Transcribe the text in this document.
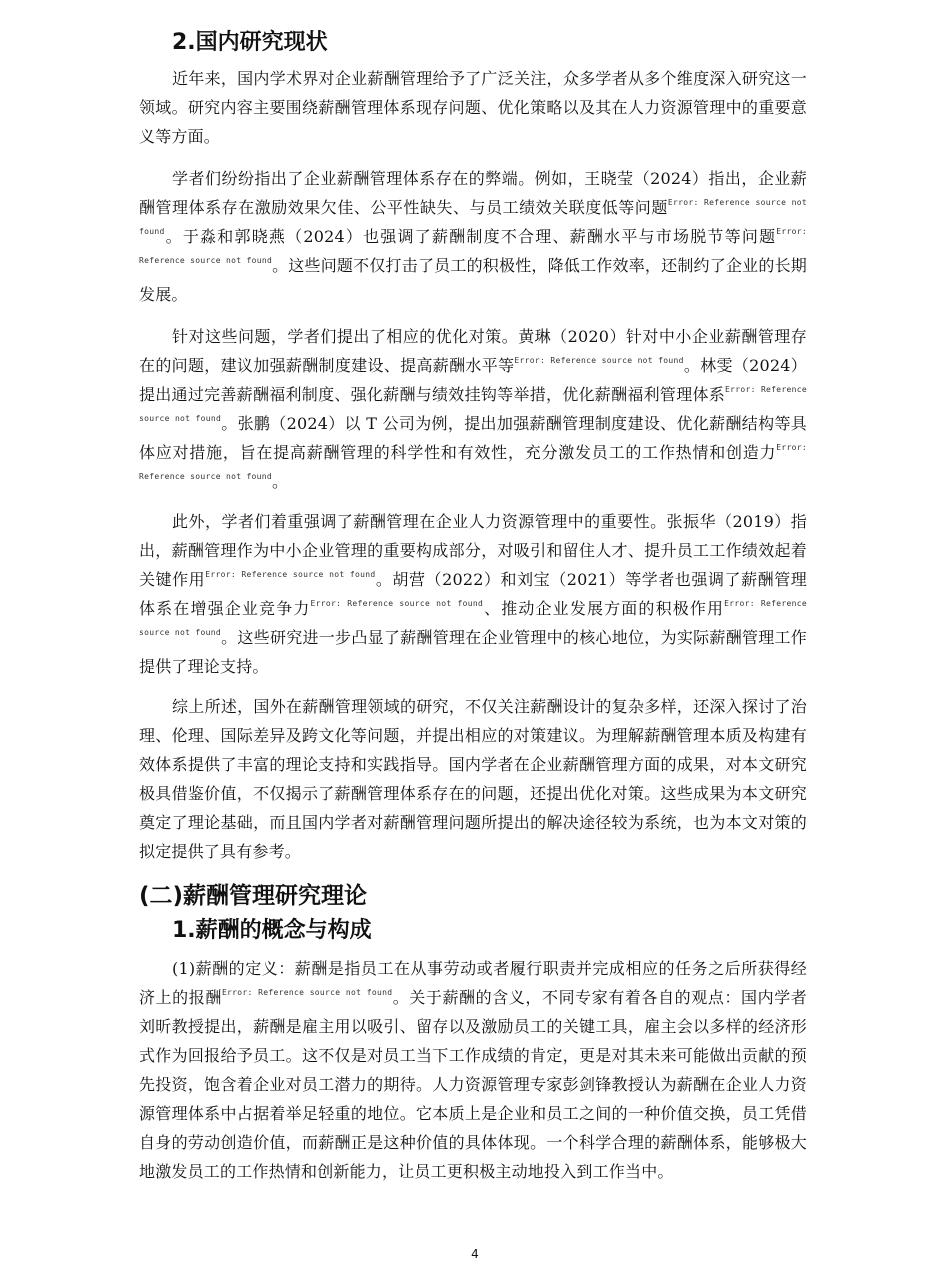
2.国内研究现状

近年来，国内学术界对企业薪酬管理给予了广泛关注，众多学者从多个维度深入研究这一领域。研究内容主要围绕薪酬管理体系现存问题、优化策略以及其在人力资源管理中的重要意义等方面。

学者们纷纷指出了企业薪酬管理体系存在的弊端。例如，王晓莹（2024）指出，企业薪酬管理体系存在激励效果欠佳、公平性缺失、与员工绩效关联度低等问题$^{Error: Reference source not found}$。于淼和郭晓燕（2024）也强调了薪酬制度不合理、薪酬水平与市场脱节等问题$^{Error: Reference source not found}$。这些问题不仅打击了员工的积极性，降低工作效率，还制约了企业的长期发展。

针对这些问题，学者们提出了相应的优化对策。黄琳（2020）针对中小企业薪酬管理存在的问题，建议加强薪酬制度建设、提高薪酬水平等$^{Error: Reference source not found}$。林雯（2024）提出通过完善薪酬福利制度、强化薪酬与绩效挂钩等举措，优化薪酬福利管理体系$^{Error: Reference source not found}$。张鹏（2024）以 T 公司为例，提出加强薪酬管理制度建设、优化薪酬结构等具体应对措施，旨在提高薪酬管理的科学性和有效性，充分激发员工的工作热情和创造力$^{Error: Reference source not found}$。

此外，学者们着重强调了薪酬管理在企业人力资源管理中的重要性。张振华（2019）指出，薪酬管理作为中小企业管理的重要构成部分，对吸引和留住人才、提升员工工作绩效起着关键作用$^{Error: Reference source not found}$。胡营（2022）和刘宝（2021）等学者也强调了薪酬管理体系在增强企业竞争力$^{Error: Reference source not found}$、推动企业发展方面的积极作用$^{Error: Reference source not found}$。这些研究进一步凸显了薪酬管理在企业管理中的核心地位，为实际薪酬管理工作提供了理论支持。

综上所述，国外在薪酬管理领域的研究，不仅关注薪酬设计的复杂多样，还深入探讨了治理、伦理、国际差异及跨文化等问题，并提出相应的对策建议。为理解薪酬管理本质及构建有效体系提供了丰富的理论支持和实践指导。国内学者在企业薪酬管理方面的成果，对本文研究极具借鉴价值，不仅揭示了薪酬管理体系存在的问题，还提出优化对策。这些成果为本文研究奠定了理论基础，而且国内学者对薪酬管理问题所提出的解决途径较为系统，也为本文对策的拟定提供了具有参考。

(二)薪酬管理研究理论
1.薪酬的概念与构成

(1)薪酬的定义：薪酬是指员工在从事劳动或者履行职责并完成相应的任务之后所获得经济上的报酬$^{Error: Reference source not found}$。关于薪酬的含义，不同专家有着各自的观点：国内学者刘昕教授提出，薪酬是雇主用以吸引、留存以及激励员工的关键工具，雇主会以多样的经济形式作为回报给予员工。这不仅是对员工当下工作成绩的肯定，更是对其未来可能做出贡献的预先投资，饱含着企业对员工潜力的期待。人力资源管理专家彭剑锋教授认为薪酬在企业人力资源管理体系中占据着举足轻重的地位。它本质上是企业和员工之间的一种价值交换，员工凭借自身的劳动创造价值，而薪酬正是这种价值的具体体现。一个科学合理的薪酬体系，能够极大地激发员工的工作热情和创新能力，让员工更积极主动地投入到工作当中。

4
